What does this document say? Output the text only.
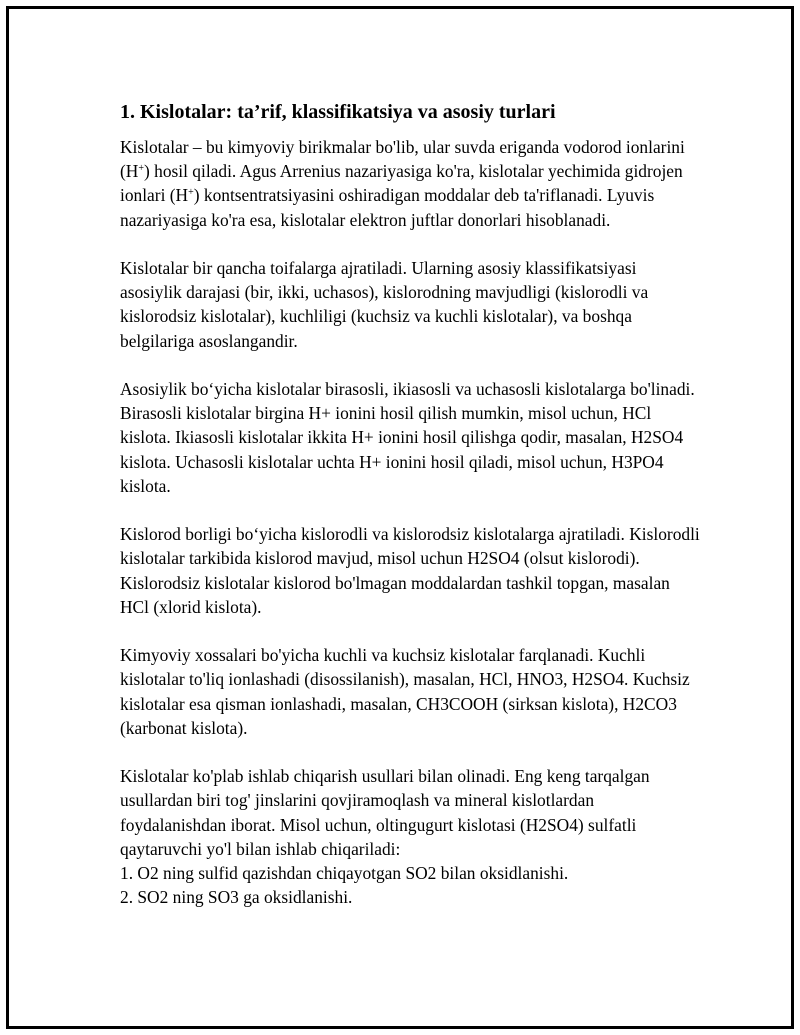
1. Kislotalar: ta’rif, klassifikatsiya va asosiy turlari

Kislotalar – bu kimyoviy birikmalar bo'lib, ular suvda eriganda vodorod ionlarini (H+) hosil qiladi. Agus Arrenius nazariyasiga ko'ra, kislotalar yechimida gidrojen ionlari (H+) kontsentratsiyasini oshiradigan moddalar deb ta'riflanadi. Lyuvis nazariyasiga ko'ra esa, kislotalar elektron juftlar donorlari hisoblanadi.

Kislotalar bir qancha toifalarga ajratiladi. Ularning asosiy klassifikatsiyasi asosiylik darajasi (bir, ikki, uchasos), kislorodning mavjudligi (kislorodli va kislorodsiz kislotalar), kuchliligi (kuchsiz va kuchli kislotalar), va boshqa belgilariga asoslangandir.

Asosiylik bo‘yicha kislotalar birasosli, ikiasosli va uchasosli kislotalarga bo'linadi. Birasosli kislotalar birgina H+ ionini hosil qilish mumkin, misol uchun, HCl kislota. Ikiasosli kislotalar ikkita H+ ionini hosil qilishga qodir, masalan, H2SO4 kislota. Uchasosli kislotalar uchta H+ ionini hosil qiladi, misol uchun, H3PO4 kislota.

Kislorod borligi bo‘yicha kislorodli va kislorodsiz kislotalarga ajratiladi. Kislorodli kislotalar tarkibida kislorod mavjud, misol uchun H2SO4 (olsut kislorodi). Kislorodsiz kislotalar kislorod bo'lmagan moddalardan tashkil topgan, masalan HCl (xlorid kislota).

Kimyoviy xossalari bo'yicha kuchli va kuchsiz kislotalar farqlanadi. Kuchli kislotalar to'liq ionlashadi (disossilanish), masalan, HCl, HNO3, H2SO4. Kuchsiz kislotalar esa qisman ionlashadi, masalan, CH3COOH (sirksan kislota), H2CO3 (karbonat kislota).

Kislotalar ko'plab ishlab chiqarish usullari bilan olinadi. Eng keng tarqalgan usullardan biri tog' jinslarini qovjiramoqlash va mineral kislotlardan foydalanishdan iborat. Misol uchun, oltingugurt kislotasi (H2SO4) sulfatli qaytaruvchi yo'l bilan ishlab chiqariladi:
1. O2 ning sulfid qazishdan chiqayotgan SO2 bilan oksidlanishi.
2. SO2 ning SO3 ga oksidlanishi.
